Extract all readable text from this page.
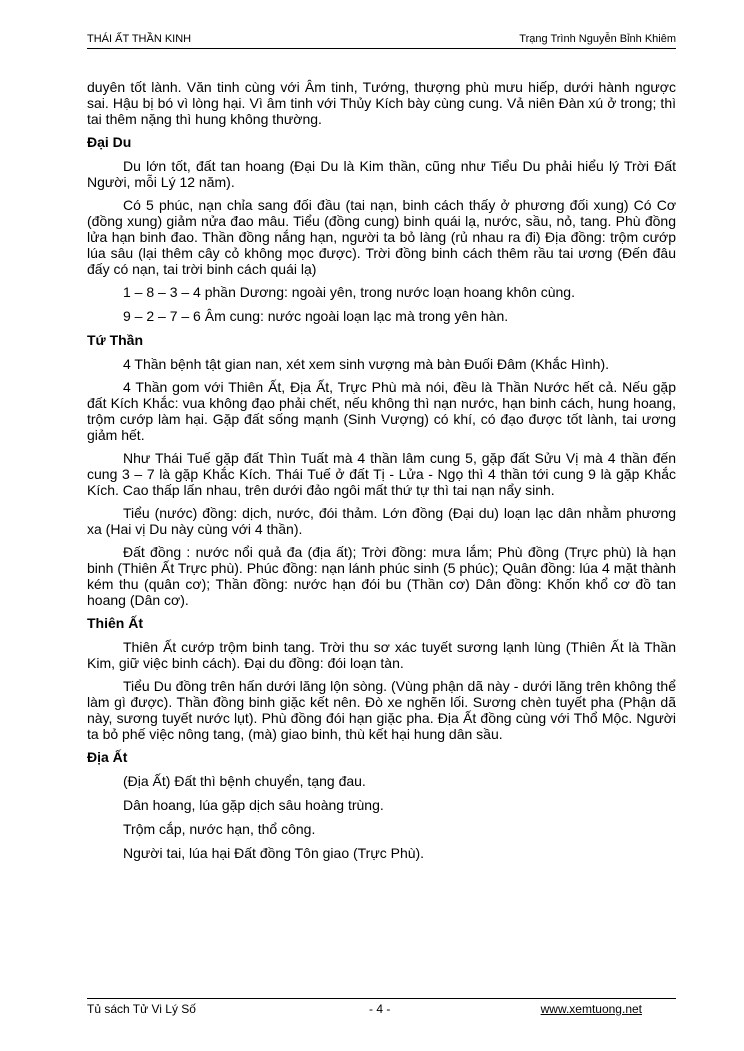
THÁI ẤT THẦN KINH	Trạng Trình Nguyễn Bỉnh Khiêm

duyên tốt lành. Văn tinh cùng với Âm tinh, Tướng, thượng phù mưu hiếp, dưới hành ngược sai. Hậu bị bó vì lòng hại. Vì âm tinh với Thủy Kích bày cùng cung. Vả niên Đàn xú ở trong; thì tai thêm nặng thì hung không thường.

Đại Du

Du lớn tốt, đất tan hoang (Đại Du là Kim thần, cũng như Tiểu Du phải hiểu lý Trời Đất Người, mỗi Lý 12 năm).

Có 5 phúc, nạn chỉa sang đối đầu (tai nạn, binh cách thấy ở phương đối xung) Có Cơ (đồng xung) giảm nửa đao mâu. Tiểu (đồng cung) binh quái lạ, nước, sầu, nỏ, tang. Phù đồng lửa hạn binh đao. Thần đồng nắng hạn, người ta bỏ làng (rủ nhau ra đi) Địa đồng: trộm cướp lúa sâu (lại thêm cây cỏ không mọc được). Trời đồng binh cách thêm rầu tai ương (Đến đâu đấy có nạn, tai trời binh cách quái lạ)

1 – 8 – 3 – 4 phần Dương: ngoài yên, trong nước loạn hoang khôn cùng.

9 – 2 – 7 – 6 Âm cung: nước ngoài loạn lạc mà trong yên hàn.

Tứ Thần

4 Thần bệnh tật gian nan, xét xem sinh vượng mà bàn Đuối Đâm (Khắc Hình).

4 Thần gom với Thiên Ất, Địa Ất, Trực Phù mà nói, đều là Thần Nước hết cả. Nếu gặp đất Kích Khắc: vua không đạo phải chết, nếu không thì nạn nước, hạn binh cách, hung hoang, trộm cướp làm hại. Gặp đất sống mạnh (Sinh Vượng) có khí, có đạo được tốt lành, tai ương giảm hết.

Như Thái Tuế gặp đất Thìn Tuất mà 4 thần lâm cung 5, gặp đất Sửu Vị mà 4 thần đến cung 3 – 7 là gặp Khắc Kích. Thái Tuế ở đất Tị - Lửa - Ngọ thì 4 thần tới cung 9 là gặp Khắc Kích. Cao thấp lấn nhau, trên dưới đảo ngôi mất thứ tự thì tai nạn nẩy sinh.

Tiểu (nước) đồng: dịch, nước, đói thảm. Lớn đồng (Đại du) loạn lạc dân nhằm phương xa (Hai vị Du này cùng với 4 thần).

Đất đồng : nước nổi quả đa (địa ất); Trời đồng: mưa lắm; Phù đồng (Trực phù) là hạn binh (Thiên Ất Trực phù). Phúc đồng: nạn lánh phúc sinh (5 phúc); Quân đồng: lúa 4 mặt thành kém thu (quân cơ); Thần đồng: nước hạn đói bu (Thần cơ) Dân đồng: Khốn khổ cơ đồ tan hoang (Dân cơ).

Thiên Ất

Thiên Ất cướp trộm binh tang. Trời thu sơ xác tuyết sương lạnh lùng (Thiên Ất là Thần Kim, giữ việc binh cách). Đại du đồng: đói loạn tàn.

Tiểu Du đồng trên hấn dưới lăng lộn sòng. (Vùng phận dã này - dưới lăng trên không thể làm gì được). Thần đồng binh giặc kết nên. Đò xe nghẽn lối. Sương chèn tuyết pha (Phận dã này, sương tuyết nước lụt). Phù đồng đói hạn giặc pha. Địa Ất đồng cùng với Thổ Mộc. Người ta bỏ phế việc nông tang, (mà) giao binh, thù kết hại hung dân sầu.

Địa Ất

(Địa Ất) Đất thì bệnh chuyển, tạng đau.

Dân hoang, lúa gặp dịch sâu hoàng trùng.

Trộm cắp, nước hạn, thổ công.

Người tai, lúa hại Đất đồng Tôn giao (Trực Phù).

Tủ sách Tử Vi Lý Số	- 4 -	www.xemtuong.net
